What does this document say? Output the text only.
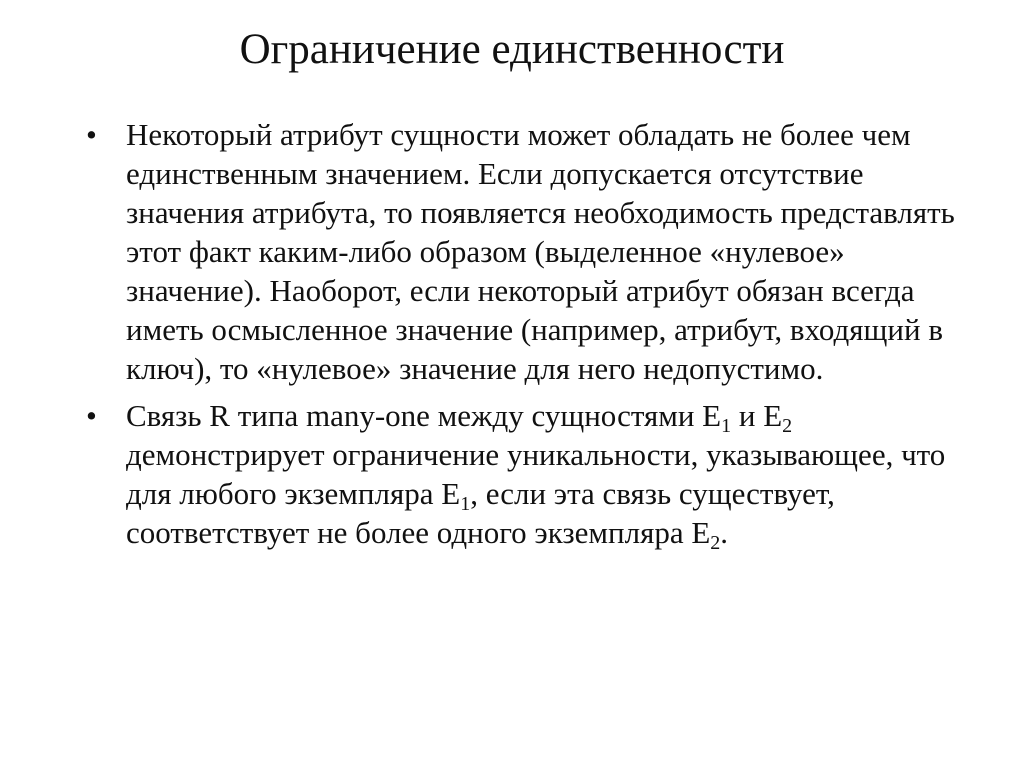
Ограничение единственности
• Некоторый атрибут сущности может обладать не более чем единственным значением. Если допускается отсутствие значения атрибута, то появляется необходимость представлять этот факт каким-либо образом (выделенное «нулевое» значение). Наоборот, если некоторый атрибут обязан всегда иметь осмысленное значение (например, атрибут, входящий в ключ), то «нулевое» значение для него недопустимо.
• Связь R типа many-one между сущностями $E_1$ и $E_2$ демонстрирует ограничение уникальности, указывающее, что для любого экземпляра $E_1$, если эта связь существует, соответствует не более одного экземпляра $E_2$.
